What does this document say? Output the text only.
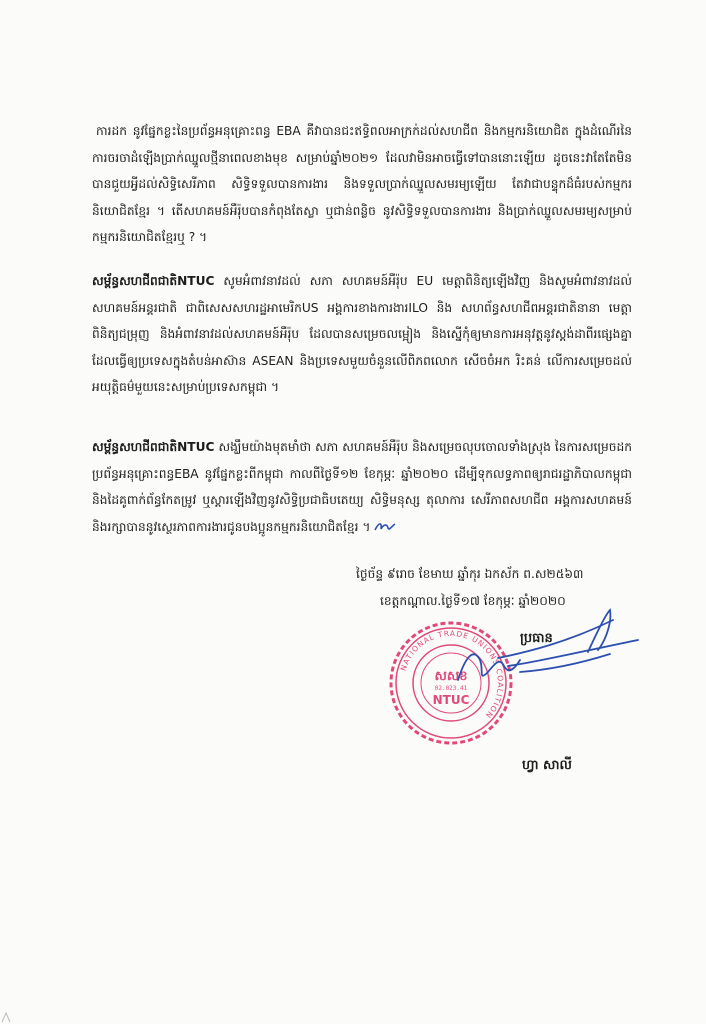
ការដក នូវផ្នែកខ្លះនៃប្រព័ន្ធអនុគ្រោះពន្ធ EBA គឺវាបានជះឥទ្ធិពលអាក្រក់ដល់សហជីព និងកម្មករនិយោជិត ក្នុងដំណើរនៃការចរចាដំឡើងប្រាក់ឈ្នួលថ្មីនាពេលខាងមុខ សម្រាប់ឆ្នាំ២០២១ ដែលវាមិនអាចធ្វើទៅបាននោះឡើយ ដូចនេះវាតែតែមិនបានជួយអ្វីដល់សិទ្ធិសេរីភាព សិទ្ធិទទួលបានការងារ និងទទួលប្រាក់ឈ្នួលសមរម្យឡើយ តែវាជាបន្ទុកដ៏ធំរបស់កម្មករនិយោជិតខ្មែរ ។ តើសហគមន៍អឺរ៉ុបបានកំពុងតែស្លា ឬជាន់ពន្លិច នូវសិទ្ធិទទួលបានការងារ និងប្រាក់ឈ្នួលសមរម្យសម្រាប់កម្មករនិយោជិតខ្មែរឬ ? ។

សម្ព័ន្ធសហជីពជាតិNTUC សូមអំពាវនាវដល់ សភា សហគមន៍អឺរ៉ុប EU មេត្តាពិនិត្យឡើងវិញ និងសូមអំពាវនាវដល់ សហគមន៍អន្តរជាតិ ជាពិសេសសហរដ្ឋអាមេរិកUS អង្គការខាងការងារILO និង សហព័ន្ធសហជីពអន្តរជាតិនានា មេត្តាពិនិត្យជម្រុញ និងអំពាវនាវដល់សហគមន៍អឺរ៉ុប ដែលបានសម្រេចលម្អៀង និងស្នើកុំឲ្យមានការអនុវត្តនូវស្តង់ដាពីរផ្សេងគ្នា ដែលធ្វើឲ្យប្រទេសក្នុងតំបន់អាស៊ាន ASEAN និងប្រទេសមួយចំនួនលើពិភពលោក សើចចំអក រិះគន់ លើការសម្រេចដល់អយុត្តិធម៌មួយនេះសម្រាប់ប្រទេសកម្ពុជា ។

សម្ព័ន្ធសហជីពជាតិNTUC សង្ឃឹមយ៉ាងមុតមាំថា សភា សហគមន៍អឺរ៉ុប និងសម្រេចលុបចោលទាំងស្រុង នៃការសម្រេចដកប្រព័ន្ធអនុគ្រោះពន្ធEBA នូវផ្នែកខ្លះពីកម្ពុជា កាលពីថ្ងៃទី១២ ខែកុម្ភៈ ឆ្នាំ២០២០ ដើម្បីទុកលទ្ធភាពឲ្យរាជរដ្ឋាភិបាលកម្ពុជា និងដៃគូពាក់ព័ន្ធកែតម្រូវ ឬស្តារឡើងវិញនូវសិទ្ធិប្រជាធិបតេយ្យ សិទ្ធិមនុស្ស តុលាការ សេរីភាពសហជីព អង្គការសហគមន៍ និងរក្សាបាននូវស្ថេរភាពការងារជូនបងប្អូនកម្មករនិយោជិតខ្មែរ ។

ថ្ងៃច័ន្ទ ៩រោច ខែមាឃ ឆ្នាំកុរ ឯកស័ក ព.ស២៥៦៣

ខេត្តកណ្តាល.ថ្ងៃទី១៧ ខែកុម្ភៈ ឆ្នាំ២០២០

ប្រធាន
NATIONAL TRADE UNIONS COALITION
សសខ
02.023.41
NTUC
ហ្វា សាលី
